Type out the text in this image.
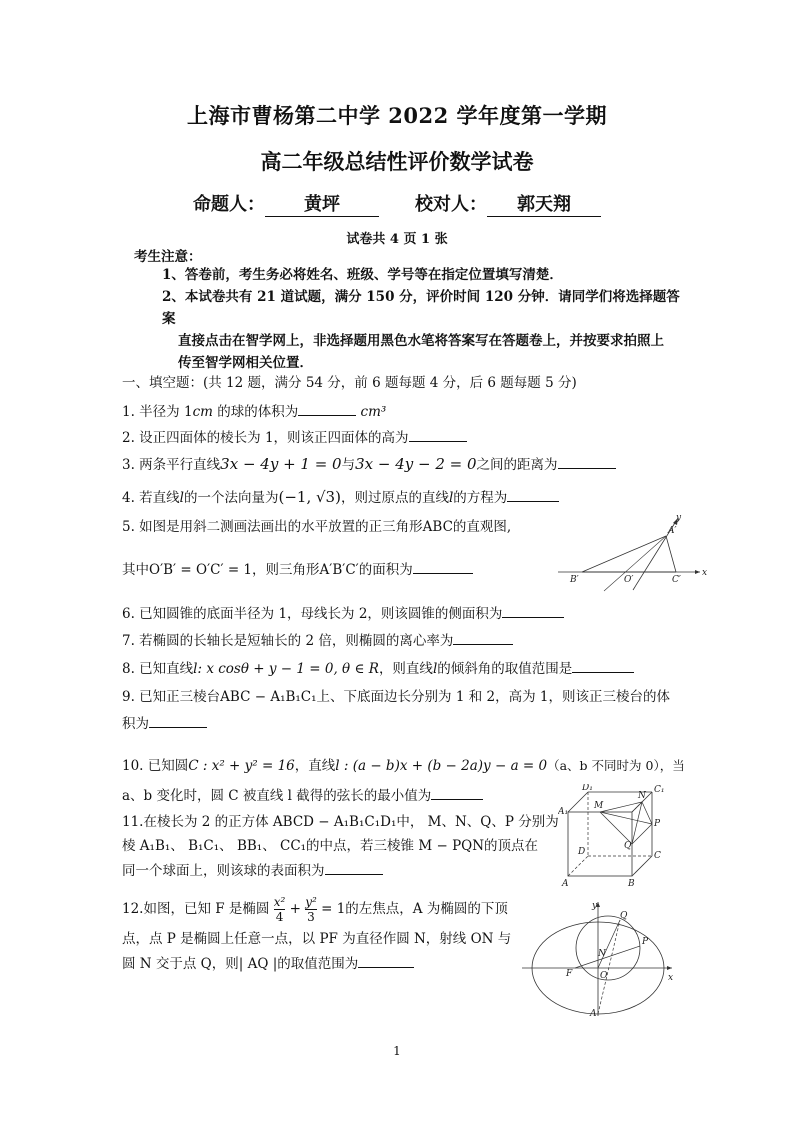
上海市曹杨第二中学 2022 学年度第一学期
高二年级总结性评价数学试卷
命题人： 黄坪	校对人： 郭天翔
试卷共 4 页 1 张
考生注意：
1、答卷前，考生务必将姓名、班级、学号等在指定位置填写清楚．
2、本试卷共有 21 道试题，满分 150 分，评价时间 120 分钟．请同学们将选择题答案
直接点击在智学网上，非选择题用黑色水笔将答案写在答题卷上，并按要求拍照上
传至智学网相关位置．
一、填空题：(共 12 题，满分 54 分，前 6 题每题 4 分，后 6 题每题 5 分)
1. 半径为 1cm 的球的体积为	cm³
2. 设正四面体的棱长为 1，则该正四面体的高为
3. 两条平行直线3x − 4y + 1 = 0与3x − 4y − 2 = 0之间的距离为
4. 若直线l的一个法向量为(−1, √3)，则过原点的直线l的方程为
5. 如图是用斜二测画法画出的水平放置的正三角形ABC的直观图,
其中O′B′ = O′C′ = 1，则三角形A′B′C′的面积为
A′
B′	O′	C′
x
y
6. 已知圆锥的底面半径为 1，母线长为 2，则该圆锥的侧面积为
7. 若椭圆的长轴长是短轴长的 2 倍，则椭圆的离心率为
8. 已知直线l: x cosθ + y − 1 = 0, θ ∈ R，则直线l的倾斜角的取值范围是
9. 已知正三棱台ABC − A₁B₁C₁上、下底面边长分别为 1 和 2，高为 1，则该正三棱台的体
积为
10. 已知圆C : x² + y² = 16，直线l : (a − b)x + (b − 2a)y − a = 0（a、b 不同时为 0），当
a、b 变化时，圆 C 被直线 l 截得的弦长的最小值为
11.在棱长为 2 的正方体 ABCD − A₁B₁C₁D₁中， M、N、Q、P 分别为
棱 A₁B₁、 B₁C₁、 BB₁、 CC₁的中点，若三棱锥 M − PQN的顶点在
同一个球面上，则该球的表面积为
A₁
D₁	C₁
M
N
P
Q
D	C
A	B
12.如图，已知 F 是椭圆 $\frac{\text{x²}}{4} + \frac{\text{y²}}{3} = 1$的左焦点，A 为椭圆的下顶
点，点 P 是椭圆上任意一点，以 PF 为直径作圆 N，射线 ON 与
圆 N 交于点 Q，则| AQ |的取值范围为
y
x
Q
P
N
F	O
A
1
